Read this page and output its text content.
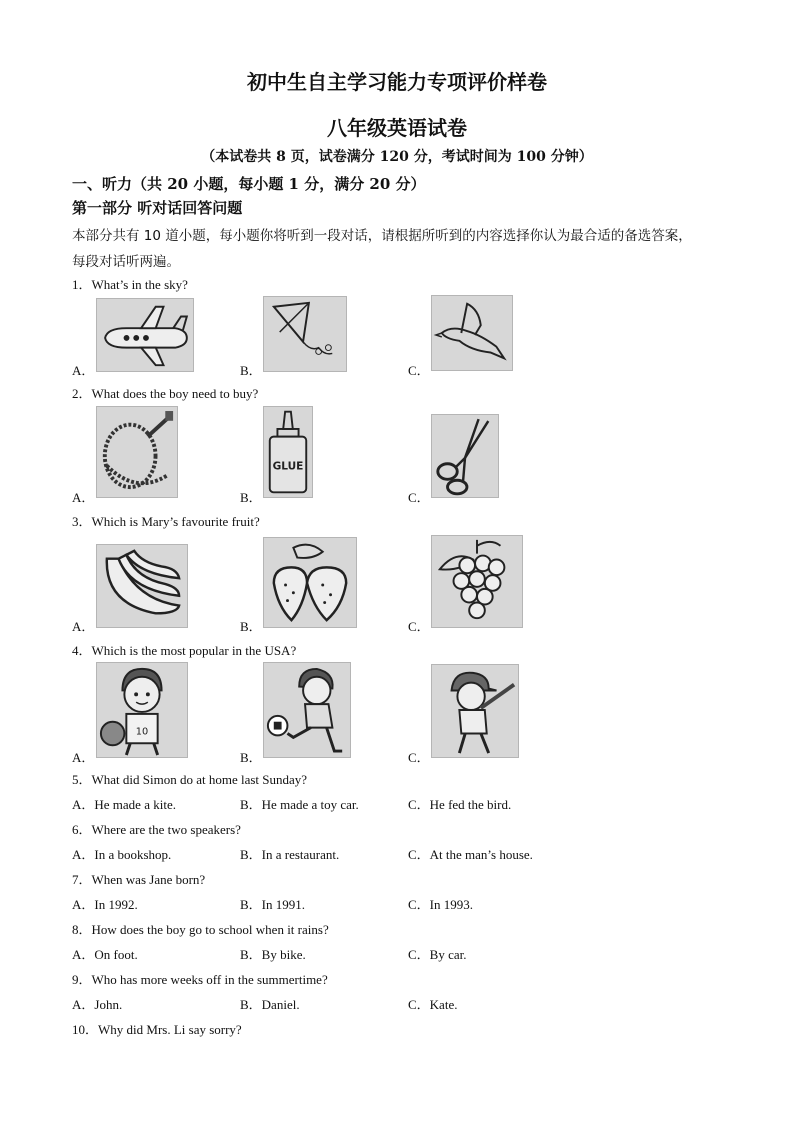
初中生自主学习能力专项评价样卷
八年级英语试卷
（本试卷共 8 页，试卷满分 120 分，考试时间为 100 分钟）
一、听力（共 20 小题，每小题 1 分，满分 20 分）
第一部分 听对话回答问题
本部分共有 10 道小题，每小题你将听到一段对话，请根据所听到的内容选择你认为最合适的备选答案，
每段对话听两遍。
1．What’s in the sky?
A．	B．	C．
2．What does the boy need to buy?
A．	B．
GLUE
C．
3．Which is Mary’s favourite fruit?
A．	B．	C．
4．Which is the most popular in the USA?
A．
10
B．	C．
5．What did Simon do at home last Sunday?
A．He made a kite.	B．He made a toy car.	C．He fed the bird.
6．Where are the two speakers?
A．In a bookshop.	B．In a restaurant.	C．At the man’s house.
7．When was Jane born?
A．In 1992.	B．In 1991.	C．In 1993.
8．How does the boy go to school when it rains?
A．On foot.	B．By bike.	C．By car.
9．Who has more weeks off in the summertime?
A．John.	B．Daniel.	C．Kate.
10．Why did Mrs. Li say sorry?
